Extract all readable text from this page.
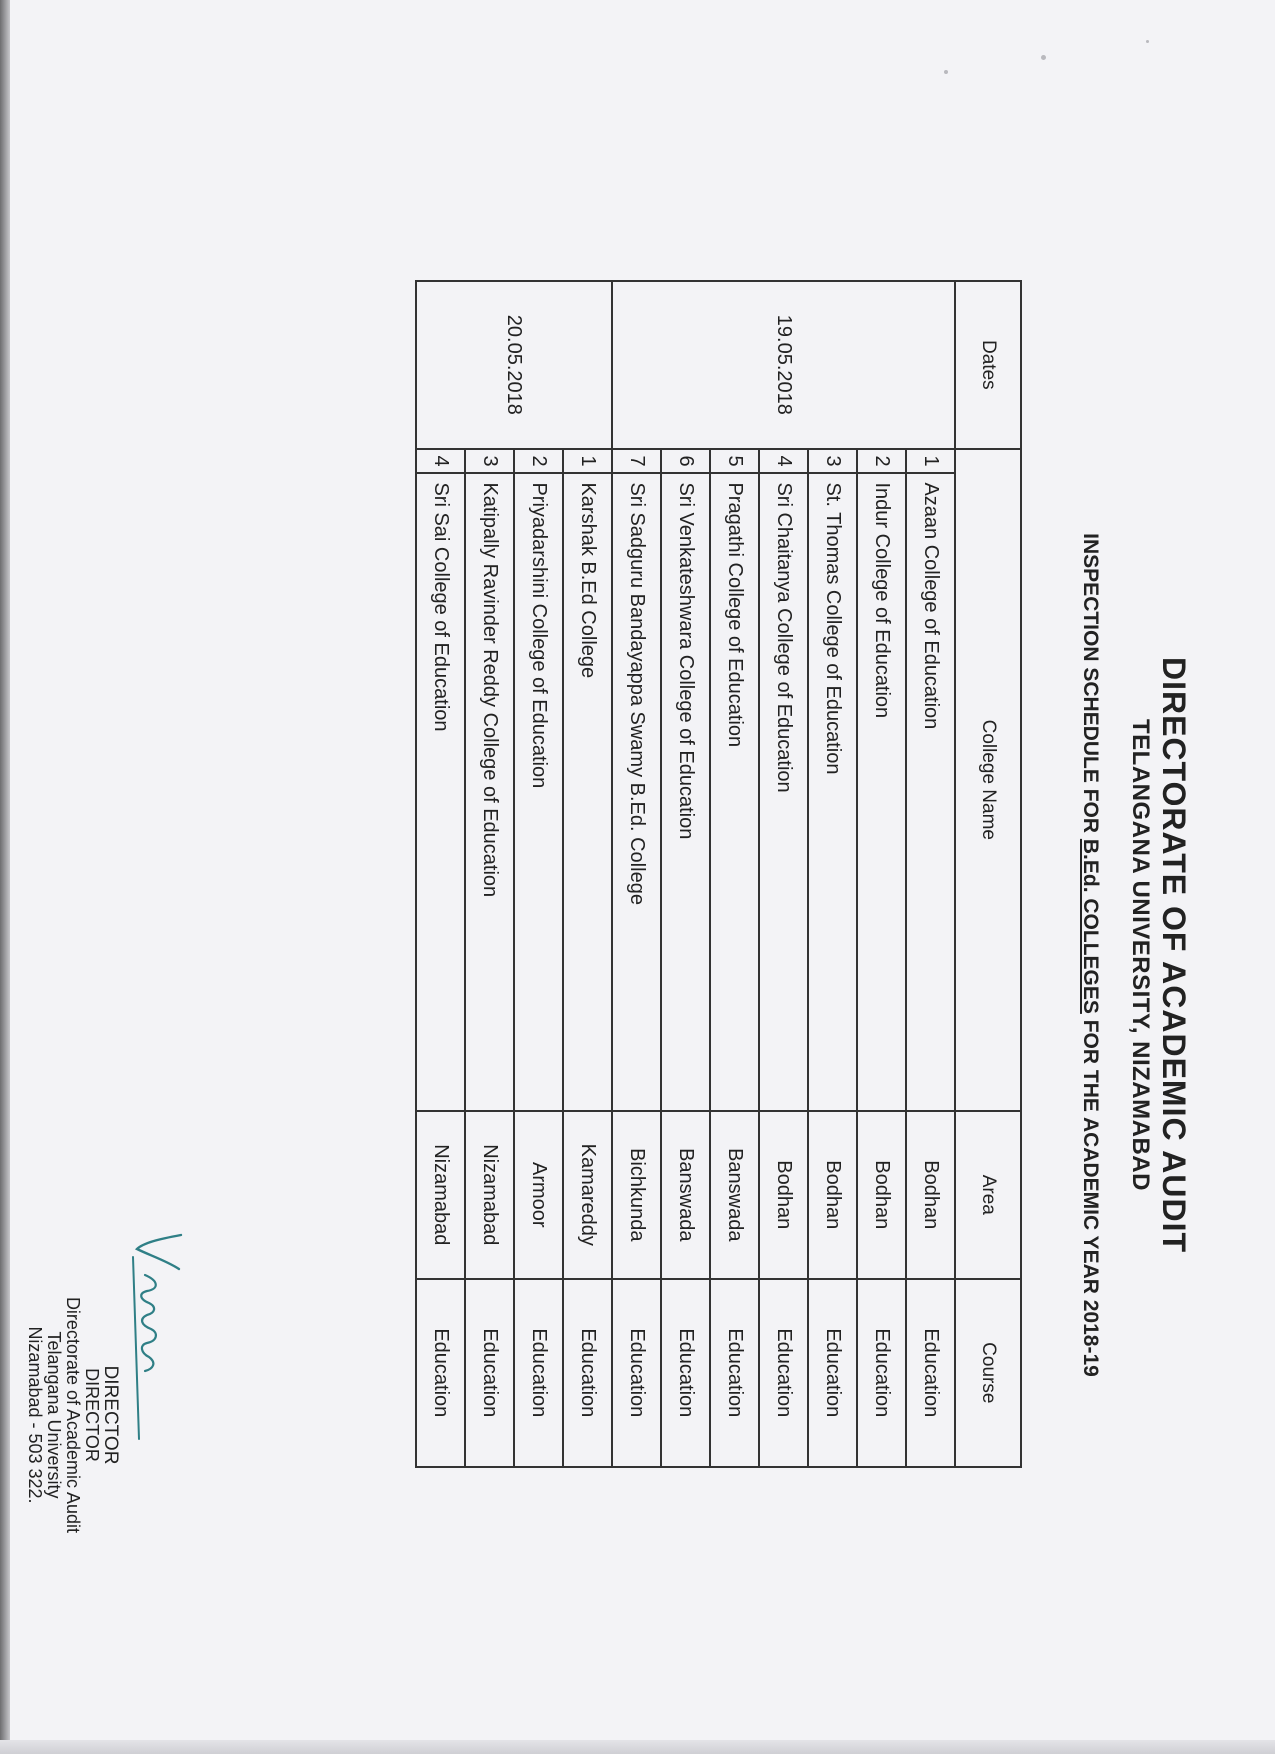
DIRECTORATE OF ACADEMIC AUDIT
TELANGANA UNIVERSITY, NIZAMABAD
INSPECTION SCHEDULE FOR B.Ed. COLLEGES FOR THE ACADEMIC YEAR 2018-19
Dates	College Name		Area	Course
19.05.2018	1	Azaan College of Education	Bodhan	Education
	2	Indur College of Education	Bodhan	Education
	3	St. Thomas College of Education	Bodhan	Education
	4	Sri Chaitanya College of Education	Bodhan	Education
	5	Pragathi College of Education	Banswada	Education
	6	Sri Venkateshwara College of Education	Banswada	Education
	7	Sri Sadguru Bandayappa Swamy B.Ed. College	Bichkunda	Education
20.05.2018	1	Karshak B.Ed College	Kamareddy	Education
	2	Priyadarshini College of Education	Armoor	Education
	3	Katipally Ravinder Reddy College of Education	Nizamabad	Education
	4	Sri Sai College of Education	Nizamabad	Education
DIRECTOR
DIRECTOR
Directorate of Academic Audit
Telangana University
Nizamabad - 503 322.
